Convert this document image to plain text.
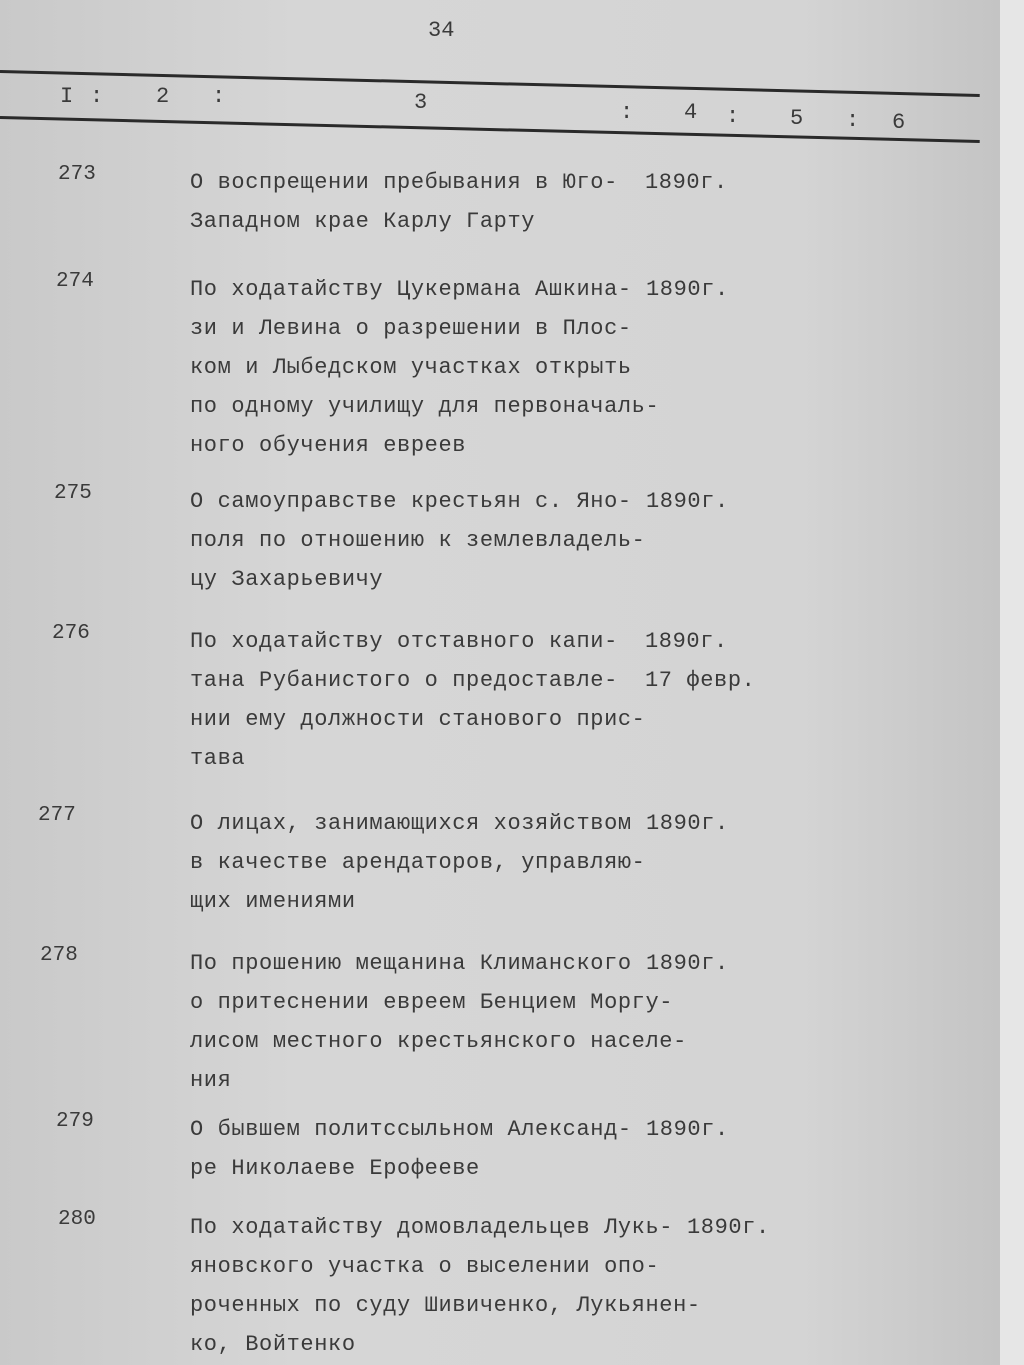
34
I : 2 :	3	: 4 : 5 : 6
273	О воспрещении пребывания в Юго-
Западном крае Карлу Гарту
1890г.
274	По ходатайству Цукермана Ашкина-
зи и Левина о разрешении в Плос-
ком и Лыбедском участках открыть
по одному училищу для первоначаль-
ного обучения евреев
1890г.
275	О самоуправстве крестьян с. Яно-
поля по отношению к землевладель-
цу Захарьевичу
1890г.
276	По ходатайству отставного капи-
тана Рубанистого о предоставле-
нии ему должности станового прис-
тава
1890г.
17 февр.
277	О лицах, занимающихся хозяйством
в качестве арендаторов, управляю-
щих имениями
1890г.
278	По прошению мещанина Климанского
о притеснении евреем Бенцием Моргу-
лисом местного крестьянского населе-
ния
1890г.
279	О бывшем политссыльном Александ-
ре Николаеве Ерофееве
1890г.
280	По ходатайству домовладельцев Лукь-
яновского участка о выселении опо-
роченных по суду Шивиченко, Лукьянен-
ко, Войтенко
1890г.
